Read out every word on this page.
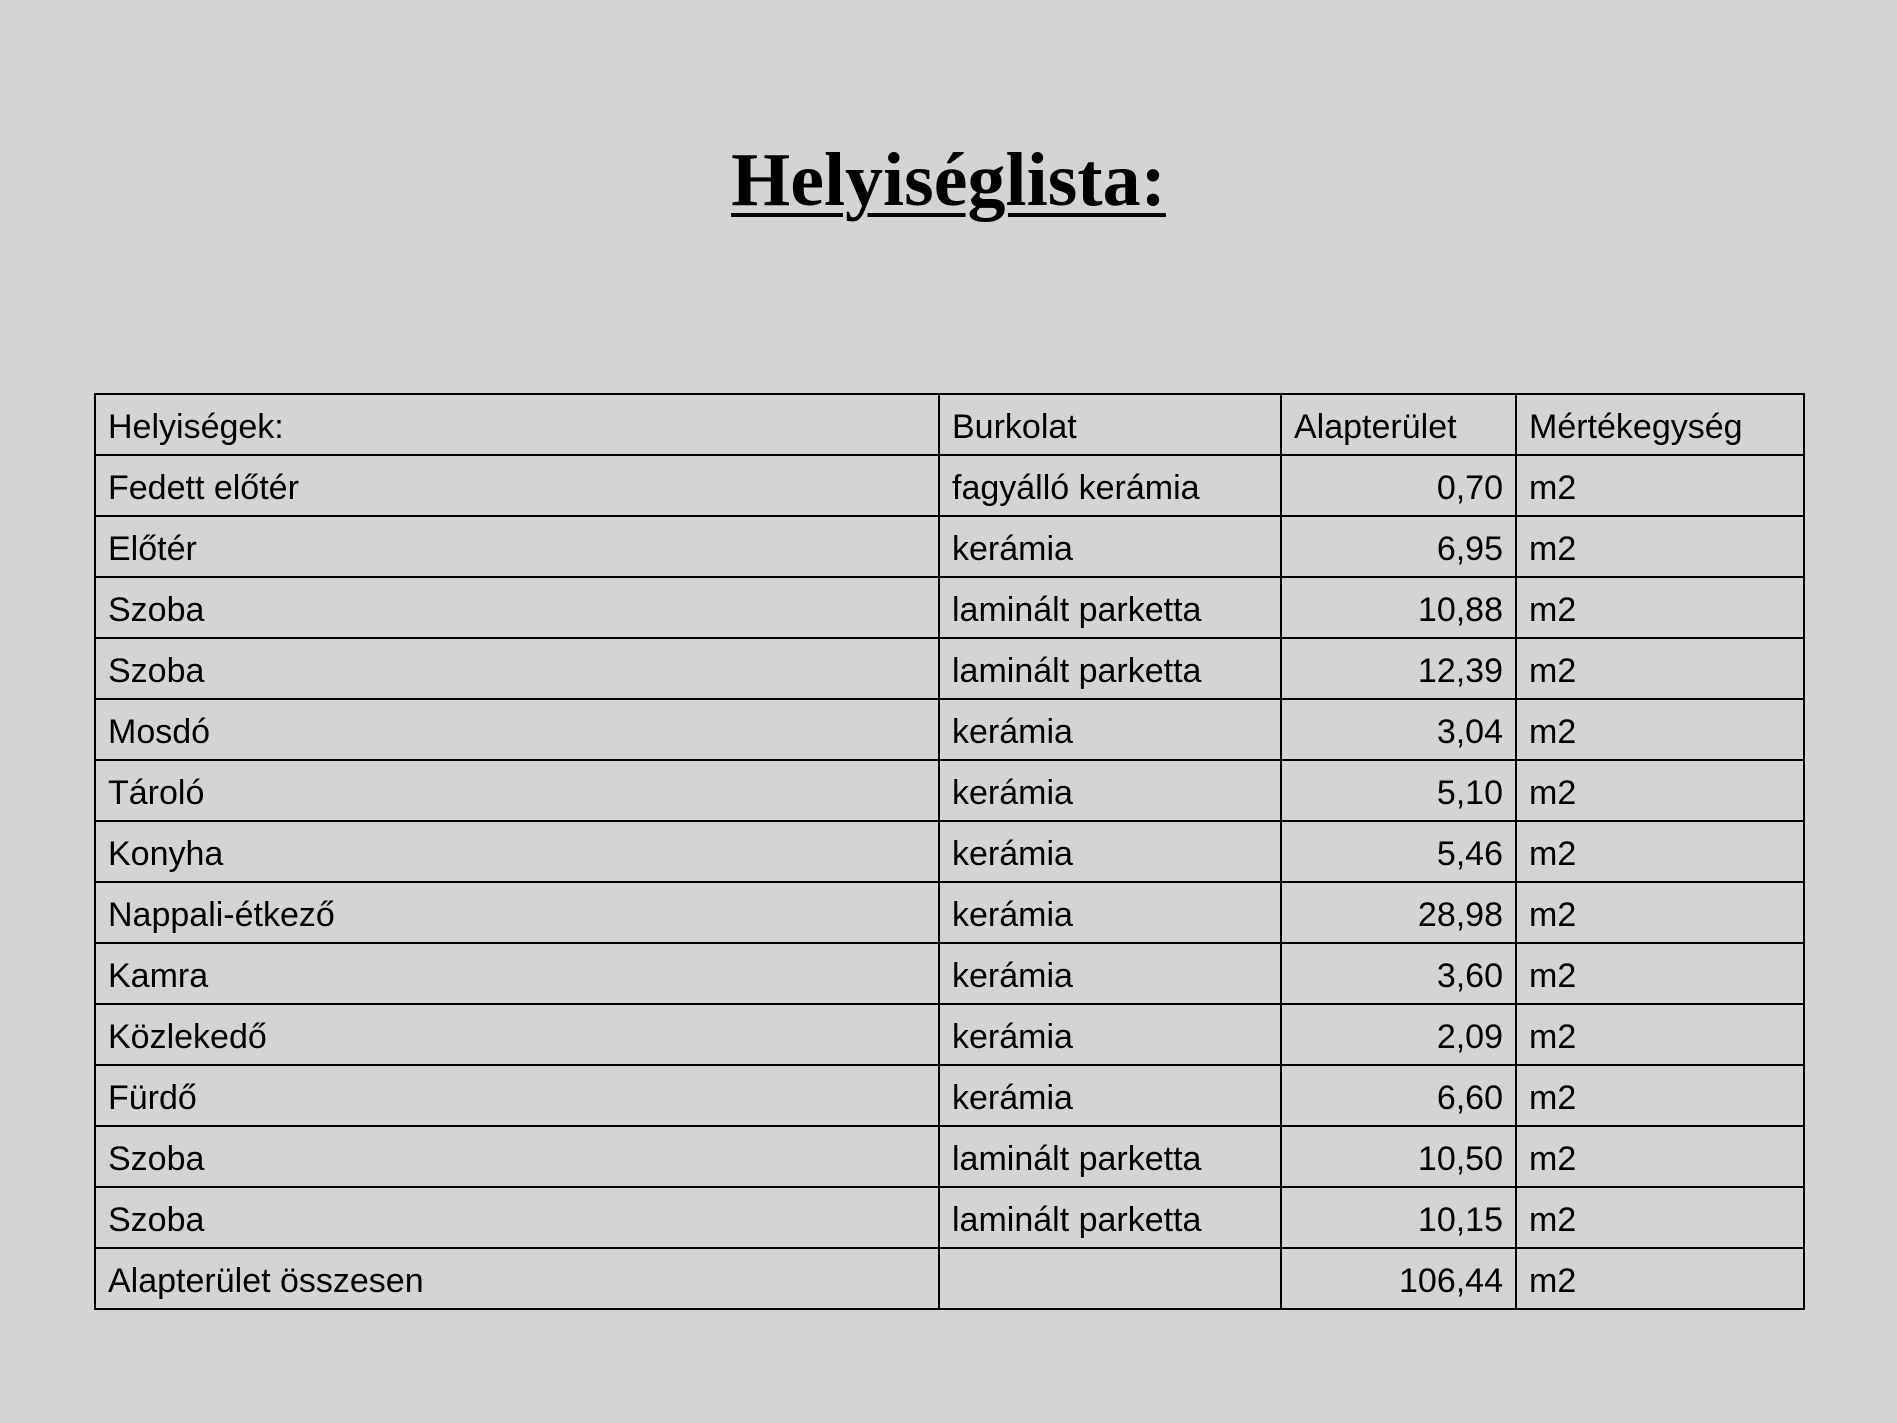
Helyiséglista:
Helyiségek:	Burkolat	Alapterület	Mértékegység
Fedett előtér	fagyálló kerámia	0,70	m2
Előtér	kerámia	6,95	m2
Szoba	laminált parketta	10,88	m2
Szoba	laminált parketta	12,39	m2
Mosdó	kerámia	3,04	m2
Tároló	kerámia	5,10	m2
Konyha	kerámia	5,46	m2
Nappali-étkező	kerámia	28,98	m2
Kamra	kerámia	3,60	m2
Közlekedő	kerámia	2,09	m2
Fürdő	kerámia	6,60	m2
Szoba	laminált parketta	10,50	m2
Szoba	laminált parketta	10,15	m2
Alapterület összesen		106,44	m2
